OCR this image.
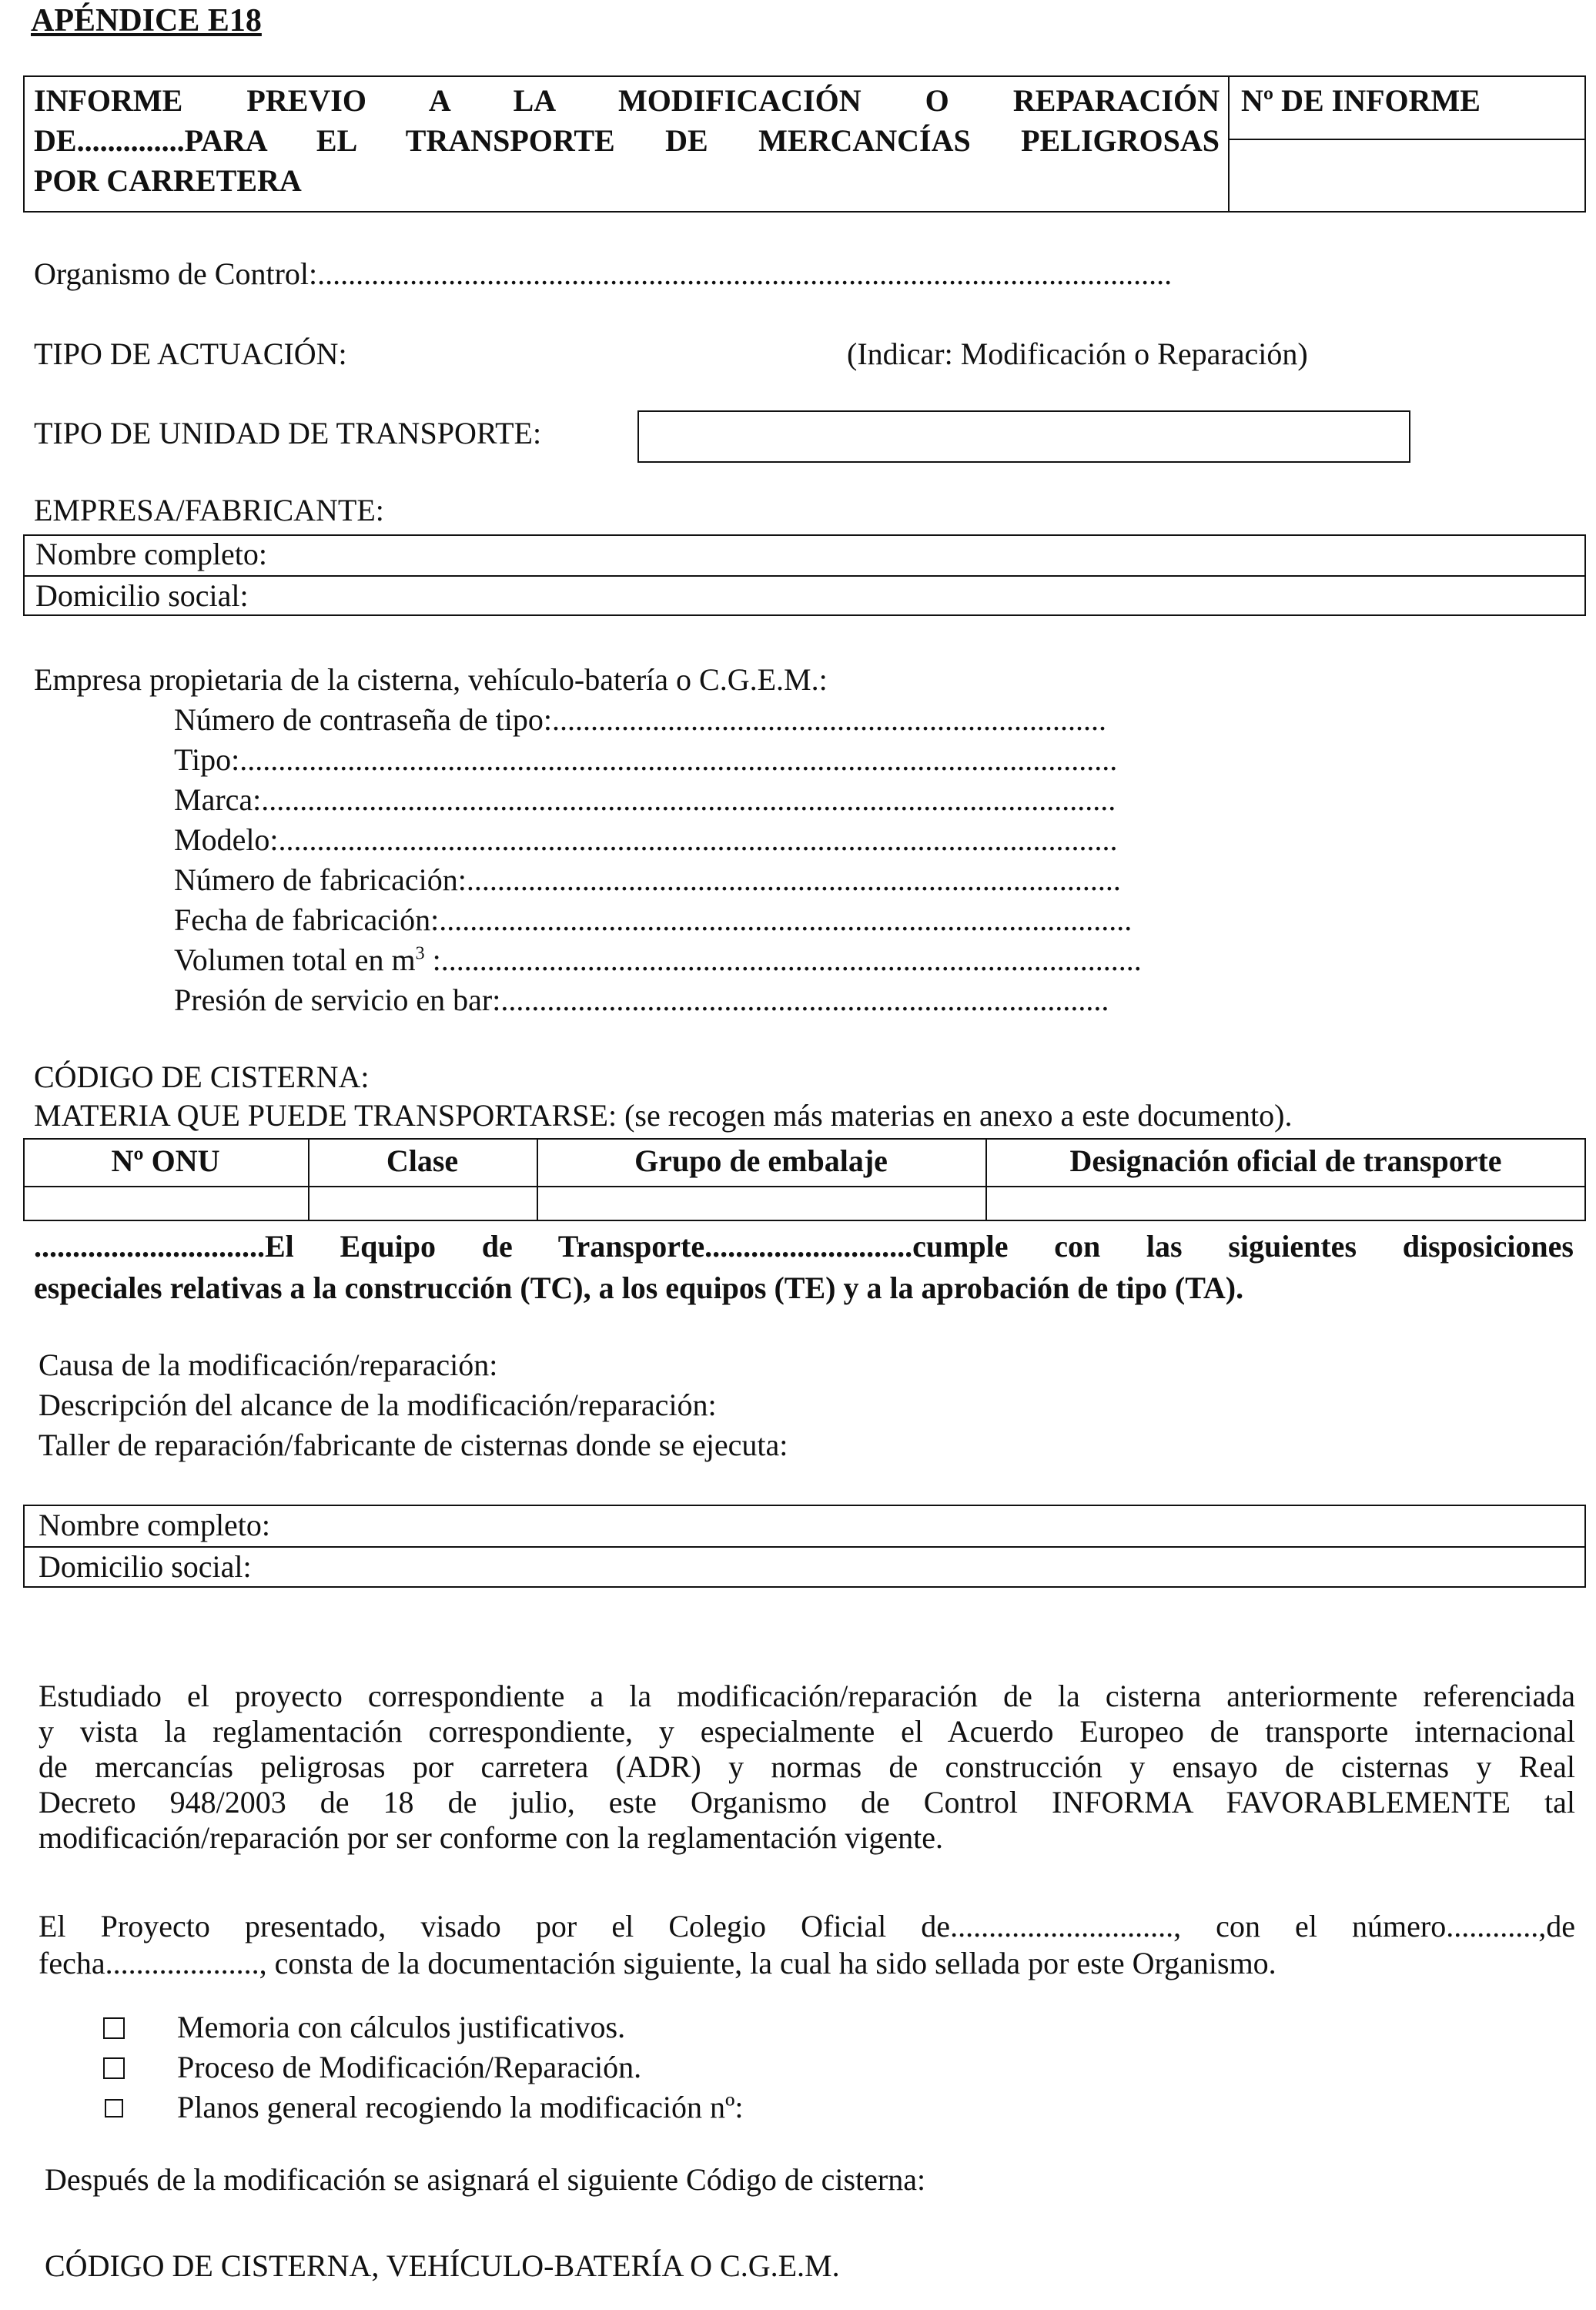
APÉNDICE E18
INFORME PREVIO A LA MODIFICACIÓN O REPARACIÓN
DE..............PARA EL TRANSPORTE DE MERCANCÍAS PELIGROSAS
POR CARRETERA
Nº DE INFORME
Organismo de Control:...............................................................................................................
TIPO DE ACTUACIÓN:	(Indicar: Modificación o Reparación)
TIPO DE UNIDAD DE TRANSPORTE:
EMPRESA/FABRICANTE:
Nombre completo:
Domicilio social:
Empresa propietaria de la cisterna, vehículo-batería o C.G.E.M.:
Número de contraseña de tipo:........................................................................
Tipo:..................................................................................................................
Marca:...............................................................................................................
Modelo:.............................................................................................................
Número de fabricación:.....................................................................................
Fecha de fabricación:..........................................................................................
Volumen total en $m^3$ :...........................................................................................
Presión de servicio en bar:...............................................................................
CÓDIGO DE CISTERNA:
MATERIA QUE PUEDE TRANSPORTARSE: (se recogen más materias en anexo a este documento).
Nº ONU	Clase	Grupo de embalaje	Designación oficial de transporte
..............................El Equipo de Transporte...........................cumple con las siguientes disposiciones
especiales relativas a la construcción (TC), a los equipos (TE) y a la aprobación de tipo (TA).
Causa de la modificación/reparación:
Descripción del alcance de la modificación/reparación:
Taller de reparación/fabricante de cisternas donde se ejecuta:
Nombre completo:
Domicilio social:
Estudiado el proyecto correspondiente a la modificación/reparación de la cisterna anteriormente referenciada
y vista la reglamentación correspondiente, y especialmente el Acuerdo Europeo de transporte internacional
de mercancías peligrosas por carretera (ADR) y normas de construcción y ensayo de cisternas y Real
Decreto 948/2003 de 18 de julio, este Organismo de Control INFORMA FAVORABLEMENTE tal
modificación/reparación por ser conforme con la reglamentación vigente.
El Proyecto presentado, visado por el Colegio Oficial de............................., con el número............,de
fecha...................., consta de la documentación siguiente, la cual ha sido sellada por este Organismo.
Memoria con cálculos justificativos.
Proceso de Modificación/Reparación.
Planos general recogiendo la modificación nº:
Después de la modificación se asignará el siguiente Código de cisterna:
CÓDIGO DE CISTERNA, VEHÍCULO-BATERÍA O C.G.E.M.
